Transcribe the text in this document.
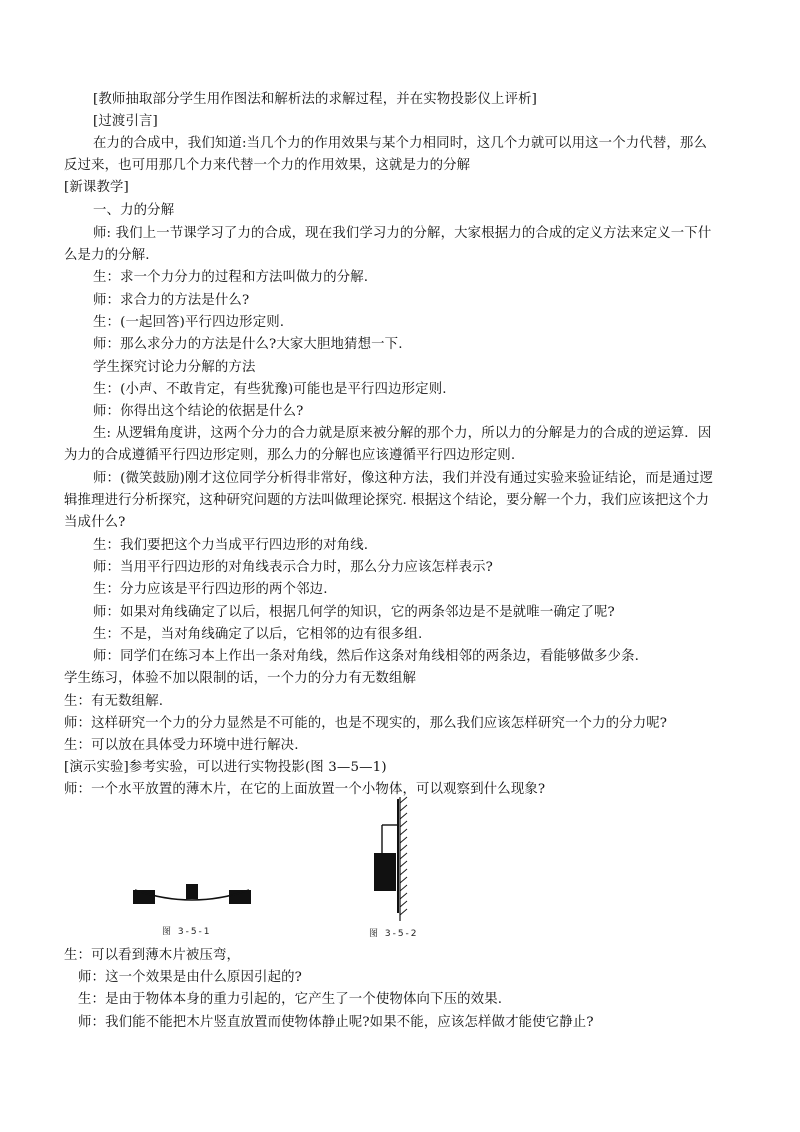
[教师抽取部分学生用作图法和解析法的求解过程，并在实物投影仪上评析]
[过渡引言]
在力的合成中，我们知道:当几个力的作用效果与某个力相同时，这几个力就可以用这一个力代替，那么
反过来，也可用那几个力来代替一个力的作用效果，这就是力的分解
[新课教学]
一、力的分解
师: 我们上一节课学习了力的合成，现在我们学习力的分解，大家根据力的合成的定义方法来定义一下什
么是力的分解.
生：求一个力分力的过程和方法叫做力的分解.
师：求合力的方法是什么?
生：(一起回答)平行四边形定则.
师：那么求分力的方法是什么?大家大胆地猜想一下.
学生探究讨论力分解的方法
生：(小声、不敢肯定，有些犹豫)可能也是平行四边形定则.
师：你得出这个结论的依据是什么?
生: 从逻辑角度讲，这两个分力的合力就是原来被分解的那个力，所以力的分解是力的合成的逆运算．因
为力的合成遵循平行四边形定则，那么力的分解也应该遵循平行四边形定则.
师：(微笑鼓励)刚才这位同学分析得非常好，像这种方法，我们并没有通过实验来验证结论，而是通过逻
辑推理进行分析探究，这种研究问题的方法叫做理论探究. 根据这个结论，要分解一个力，我们应该把这个力
当成什么?
生：我们要把这个力当成平行四边形的对角线.
师：当用平行四边形的对角线表示合力时，那么分力应该怎样表示?
生：分力应该是平行四边形的两个邻边.
师：如果对角线确定了以后，根据几何学的知识，它的两条邻边是不是就唯一确定了呢?
生：不是，当对角线确定了以后，它相邻的边有很多组.
师：同学们在练习本上作出一条对角线，然后作这条对角线相邻的两条边，看能够做多少条.
学生练习，体验不加以限制的话，一个力的分力有无数组解
生：有无数组解.
师：这样研究一个力的分力显然是不可能的，也是不现实的，那么我们应该怎样研究一个力的分力呢?
生：可以放在具体受力环境中进行解决.
[演示实验]参考实验，可以进行实物投影(图 3—5—1)
师：一个水平放置的薄木片，在它的上面放置一个小物体，可以观察到什么现象?
图 3-5-1	图 3-5-2
生：可以看到薄木片被压弯，
师：这一个效果是由什么原因引起的?
生：是由于物体本身的重力引起的，它产生了一个使物体向下压的效果.
师：我们能不能把木片竖直放置而使物体静止呢?如果不能，应该怎样做才能使它静止?
